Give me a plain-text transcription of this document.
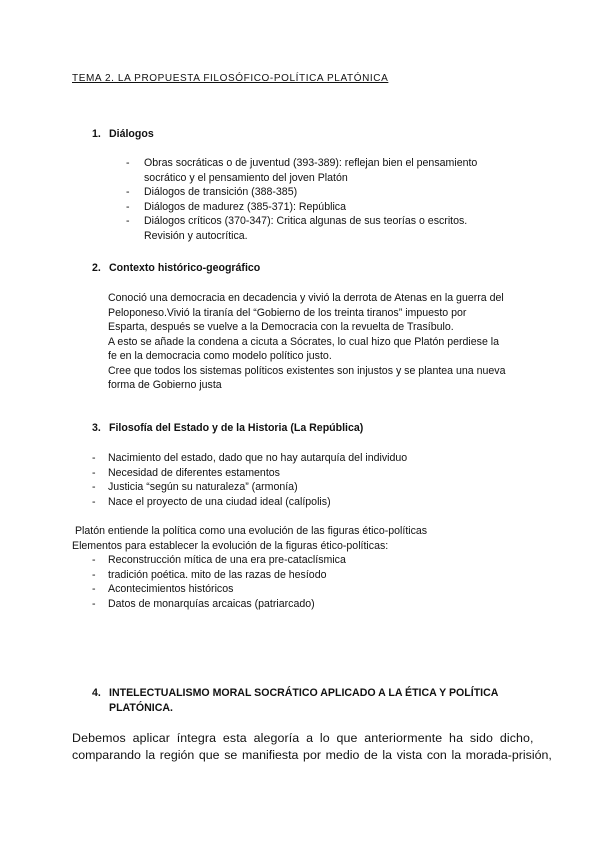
TEMA 2. LA PROPUESTA FILOSÓFICO-POLÍTICA PLATÓNICA
1. Diálogos
- Obras socráticas o de juventud (393-389): reflejan bien el pensamiento
socrático y el pensamiento del joven Platón
- Diálogos de transición (388-385)
- Diálogos de madurez (385-371): República
- Diálogos críticos (370-347): Critica algunas de sus teorías o escritos.
Revisión y autocrítica.
2. Contexto histórico-geográfico
Conoció una democracia en decadencia y vivió la derrota de Atenas en la guerra del
Peloponeso.Vivió la tiranía del “Gobierno de los treinta tiranos” impuesto por
Esparta, después se vuelve a la Democracia con la revuelta de Trasíbulo.
A esto se añade la condena a cicuta a Sócrates, lo cual hizo que Platón perdiese la
fe en la democracia como modelo político justo.
Cree que todos los sistemas políticos existentes son injustos y se plantea una nueva
forma de Gobierno justa
3. Filosofía del Estado y de la Historia (La República)
- Nacimiento del estado, dado que no hay autarquía del individuo
- Necesidad de diferentes estamentos
- Justicia “según su naturaleza” (armonía)
- Nace el proyecto de una ciudad ideal (calípolis)
Platón entiende la política como una evolución de las figuras ético-políticas
Elementos para establecer la evolución de la figuras ético-políticas:
- Reconstrucción mítica de una era pre-cataclísmica
- tradición poética. mito de las razas de hesíodo
- Acontecimientos históricos
- Datos de monarquías arcaicas (patriarcado)
4. INTELECTUALISMO MORAL SOCRÁTICO APLICADO A LA ÉTICA Y POLÍTICA
PLATÓNICA.
Debemos aplicar íntegra esta alegoría a lo que anteriormente ha sido dicho,
comparando la región que se manifiesta por medio de la vista con la morada-prisión,
